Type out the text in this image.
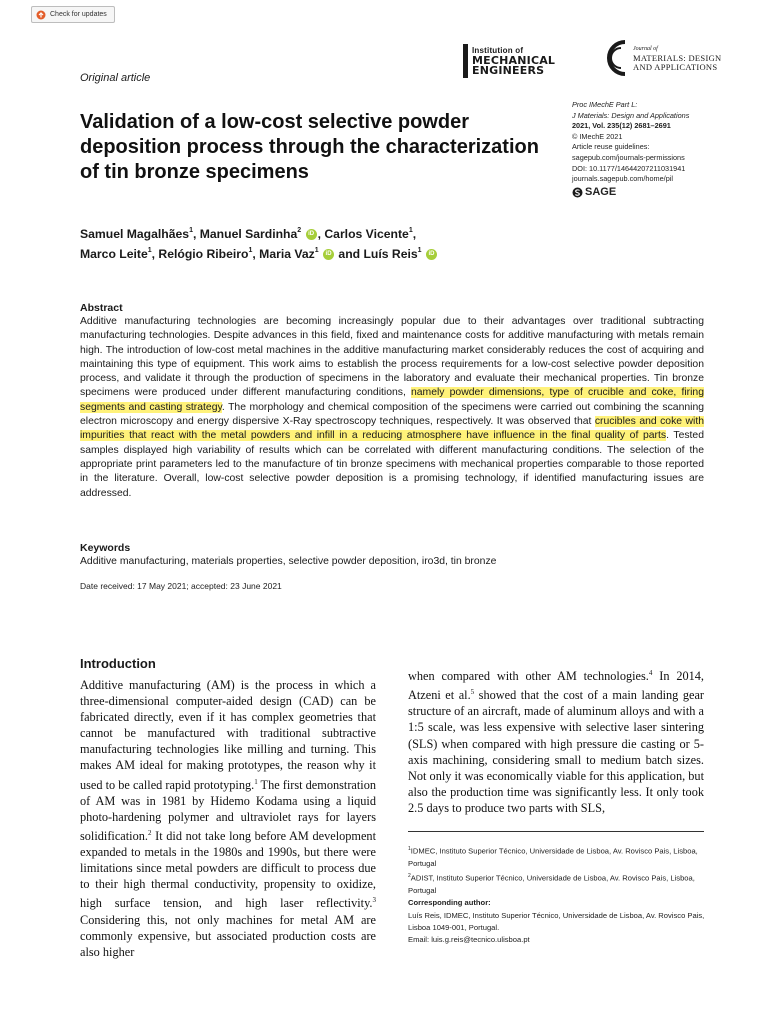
Check for updates
Institution of
MECHANICAL
ENGINEERS
Journal of
MATERIALS: DESIGN
AND APPLICATIONS
Original article
Validation of a low-cost selective powder deposition process through the characterization of tin bronze specimens
Proc IMechE Part L:
J Materials: Design and Applications
2021, Vol. 235(12) 2681–2691
© IMechE 2021
Article reuse guidelines:
sagepub.com/journals-permissions
DOI: 10.1177/14644207211031941
journals.sagepub.com/home/pil
SAGE
Samuel Magalhães$^1$, Manuel Sardinha$^2$ iD , Carlos Vicente$^1$,
Marco Leite$^1$, Relógio Ribeiro$^1$, Maria Vaz$^1$ iD and Luís Reis$^1$ iD
Abstract

Additive manufacturing technologies are becoming increasingly popular due to their advantages over traditional subtracting manufacturing technologies. Despite advances in this field, fixed and maintenance costs for additive manufacturing with metals remain high. The introduction of low-cost metal machines in the additive manufacturing market considerably reduces the cost of acquiring and maintaining this type of equipment. This work aims to establish the process requirements for a low-cost selective powder deposition process, and validate it through the production of specimens in the laboratory and evaluate their mechanical properties. Tin bronze specimens were produced under different manufacturing conditions, namely powder dimensions, type of crucible and coke, firing segments and casting strategy. The morphology and chemical composition of the specimens were carried out combining the scanning electron microscopy and energy dispersive X-Ray spectroscopy techniques, respectively. It was observed that crucibles and coke with impurities that react with the metal powders and infill in a reducing atmosphere have influence in the final quality of parts. Tested samples displayed high variability of results which can be correlated with different manufacturing conditions. The selection of the appropriate print parameters led to the manufacture of tin bronze specimens with mechanical properties comparable to those reported in the literature. Overall, low-cost selective powder deposition is a promising technology, if identified manufacturing issues are addressed.

Keywords

Additive manufacturing, materials properties, selective powder deposition, iro3d, tin bronze

Date received: 17 May 2021; accepted: 23 June 2021
Introduction

Additive manufacturing (AM) is the process in which a three-dimensional computer-aided design (CAD) can be fabricated directly, even if it has complex geometries that cannot be manufactured with traditional subtractive manufacturing technologies like milling and turning. This makes AM ideal for making prototypes, the reason why it used to be called rapid prototyping.$^1$ The first demonstration of AM was in 1981 by Hidemo Kodama using a liquid photo-hardening polymer and ultraviolet rays for layers solidification.$^2$ It did not take long before AM development expanded to metals in the 1980s and 1990s, but there were limitations since metal powders are difficult to process due to their high thermal conductivity, propensity to oxidize, high surface tension, and high laser reflectivity.$^3$ Considering this, not only machines for metal AM are commonly expensive, but associated production costs are also higher

when compared with other AM technologies.$^4$ In 2014, Atzeni et al.$^5$ showed that the cost of a main landing gear structure of an aircraft, made of aluminum alloys and with a 1:5 scale, was less expensive with selective laser sintering (SLS) when compared with high pressure die casting or 5-axis machining, considering small to medium batch sizes. Not only it was economically viable for this application, but also the production time was significantly less. It only took 2.5 days to produce two parts with SLS,

$^1$IDMEC, Instituto Superior Técnico, Universidade de Lisboa, Av. Rovisco Pais, Lisboa, Portugal
$^2$ADIST, Instituto Superior Técnico, Universidade de Lisboa, Av. Rovisco Pais, Lisboa, Portugal
Corresponding author:
Luís Reis, IDMEC, Instituto Superior Técnico, Universidade de Lisboa, Av. Rovisco Pais, Lisboa 1049-001, Portugal.
Email: luis.g.reis@tecnico.ulisboa.pt
